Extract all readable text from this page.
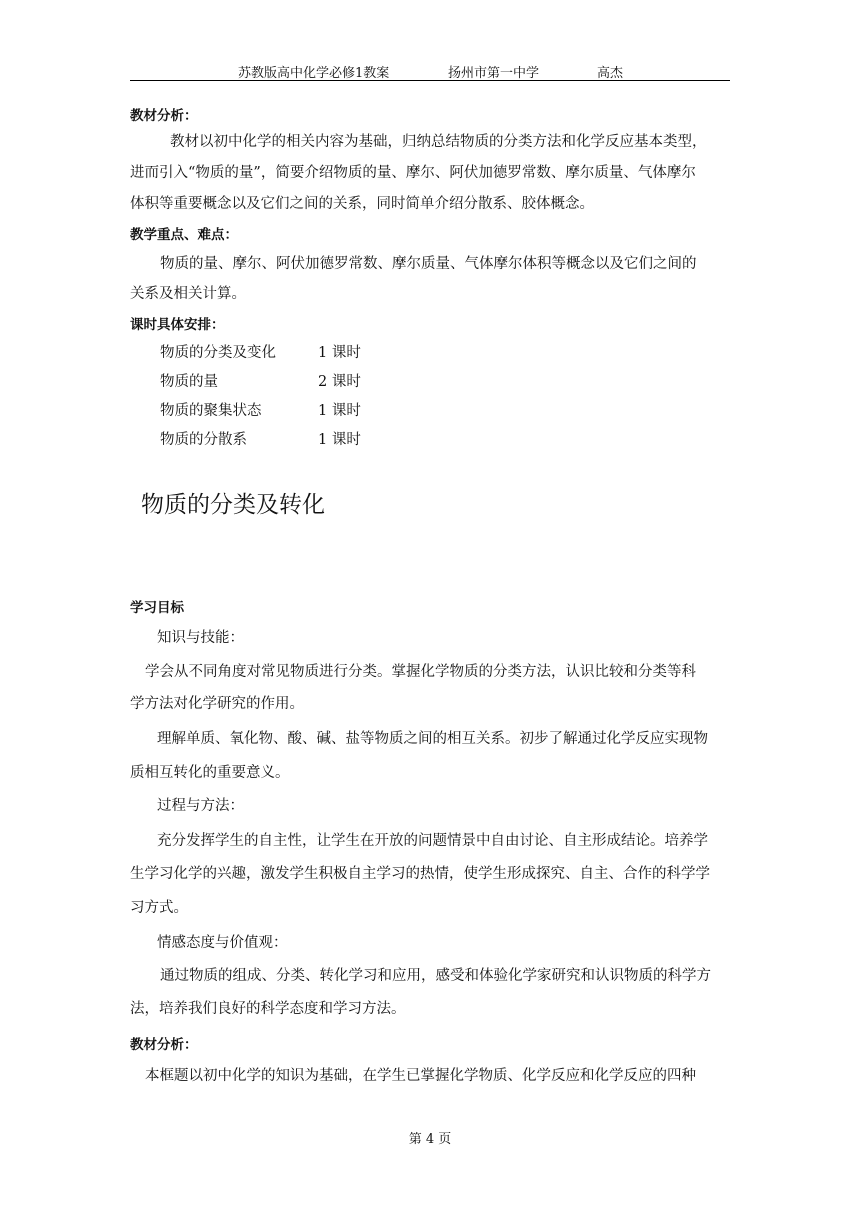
苏教版高中化学必修1教案	扬州市第一中学	高杰
教材分析：
教材以初中化学的相关内容为基础，归纳总结物质的分类方法和化学反应基本类型，
进而引入“物质的量”，简要介绍物质的量、摩尔、阿伏加德罗常数、摩尔质量、气体摩尔
体积等重要概念以及它们之间的关系，同时简单介绍分散系、胶体概念。
教学重点、难点：
物质的量、摩尔、阿伏加德罗常数、摩尔质量、气体摩尔体积等概念以及它们之间的
关系及相关计算。
课时具体安排：
物质的分类及变化	1 课时
物质的量	2 课时
物质的聚集状态	1 课时
物质的分散系	1 课时
物质的分类及转化
学习目标
知识与技能：
学会从不同角度对常见物质进行分类。掌握化学物质的分类方法，认识比较和分类等科
学方法对化学研究的作用。
理解单质、氧化物、酸、碱、盐等物质之间的相互关系。初步了解通过化学反应实现物
质相互转化的重要意义。
过程与方法：
充分发挥学生的自主性，让学生在开放的问题情景中自由讨论、自主形成结论。培养学
生学习化学的兴趣，激发学生积极自主学习的热情，使学生形成探究、自主、合作的科学学
习方式。
情感态度与价值观：
通过物质的组成、分类、转化学习和应用，感受和体验化学家研究和认识物质的科学方
法，培养我们良好的科学态度和学习方法。
教材分析：
本框题以初中化学的知识为基础，在学生已掌握化学物质、化学反应和化学反应的四种
第 4 页
